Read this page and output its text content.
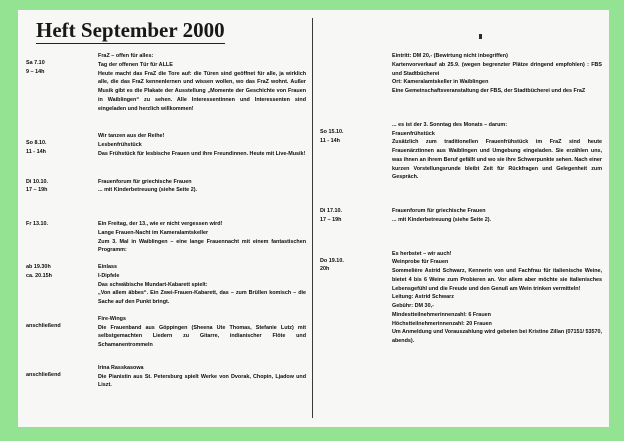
Heft September 2000
Sa 7.10
9 – 14h
FraZ – offen für alles:
Tag der offenen Tür für ALLE
Heute macht das FraZ die Tore auf: die Türen sind geöffnet für alle, ja wirklich alle, die das FraZ kennenlernen und wissen wollen, wo das FraZ wohnt. Außer Musik gibt es die Plakate der Ausstellung „Momente der Geschichte von Frauen in Waiblingen“ zu sehen. Alle Interessentinnen und Interessenten sind eingeladen und herzlich willkommen!
So 8.10.
11 - 14h
Wir tanzen aus der Reihe!
Lesbenfrühstück
Das Frühstück für lesbische Frauen und ihre Freundinnen. Heute mit Live-Musik!
Di 10.10.
17 – 19h
Frauenforum für griechische Frauen
... mit Kinderbetreuung (siehe Seite 2).
Fr 13.10.	Ein Freitag, der 13., wie er nicht vergessen wird!
Lange Frauen-Nacht im Kameralamtskeller
Zum 3. Mal in Waiblingen – eine lange Frauennacht mit einem fantastischen Programm:
ab 19.30h
ca. 20.15h
Einlass
I-Dipfele
Das schwäbische Mundart-Kabarett spielt:
„Von allem äbbes“. Ein Zwei-Frauen-Kabarett, das – zum Brüllen komisch – die Sache auf den Punkt bringt.
anschließend
Fire-Wings
Die Frauenband aus Göppingen (Sheena Ute Thomas, Stefanie Lutz) mit selbstgemachten Liedern zu Gitarre, indianischer Flöte und Schamanentrommeln
anschließend
Irina Rasskasowa
Die Pianistin aus St. Petersburg spielt Werke von Dvorak, Chopin, Ljadow und Liszt.
Eintritt: DM 20,- (Bewirtung nicht inbegriffen)
Kartenvorverkauf ab 25.9. (wegen begrenzter Plätze dringend empfohlen) : FBS und Stadtbücherei
Ort: Kameralamtskeller in Waiblingen
Eine Gemeinschaftsveranstaltung der FBS, der Stadtbücherei und des FraZ
So 15.10.
11 - 14h
... es ist der 3. Sonntag des Monats – darum:
Frauenfrühstück
Zusätzlich zum traditionellen Frauenfrühstück im FraZ sind heute Frauenärztinnen aus Waiblingen und Umgebung eingeladen. Sie erzählen uns, was ihnen an ihrem Beruf gefällt und wo sie ihre Schwerpunkte sehen. Nach einer kurzen Vorstellungsrunde bleibt Zeit für Rückfragen und Gelegenheit zum Gespräch.
Di 17.10.
17 – 19h
Frauenforum für griechische Frauen
... mit Kinderbetreuung (siehe Seite 2).
Do 19.10.
20h
Es herbstet – wir auch!
Weinprobe für Frauen
Sommelière Astrid Schwarz, Kennerin von und Fachfrau für italienische Weine, bietet 4 bis 6 Weine zum Probieren an. Vor allem aber möchte sie italienisches Lebensgefühl und die Freude und den Genuß am Wein trinken vermitteln!
Leitung: Astrid Schwarz
Gebühr: DM 30,-
Mindestteilnehmerinnenzahl: 6 Frauen
Höchstteilnehmerinnenzahl: 20 Frauen
Um Anmeldung und Vorauszahlung wird gebeten bei Kristine Zillan (07151/ 53570, abends).
